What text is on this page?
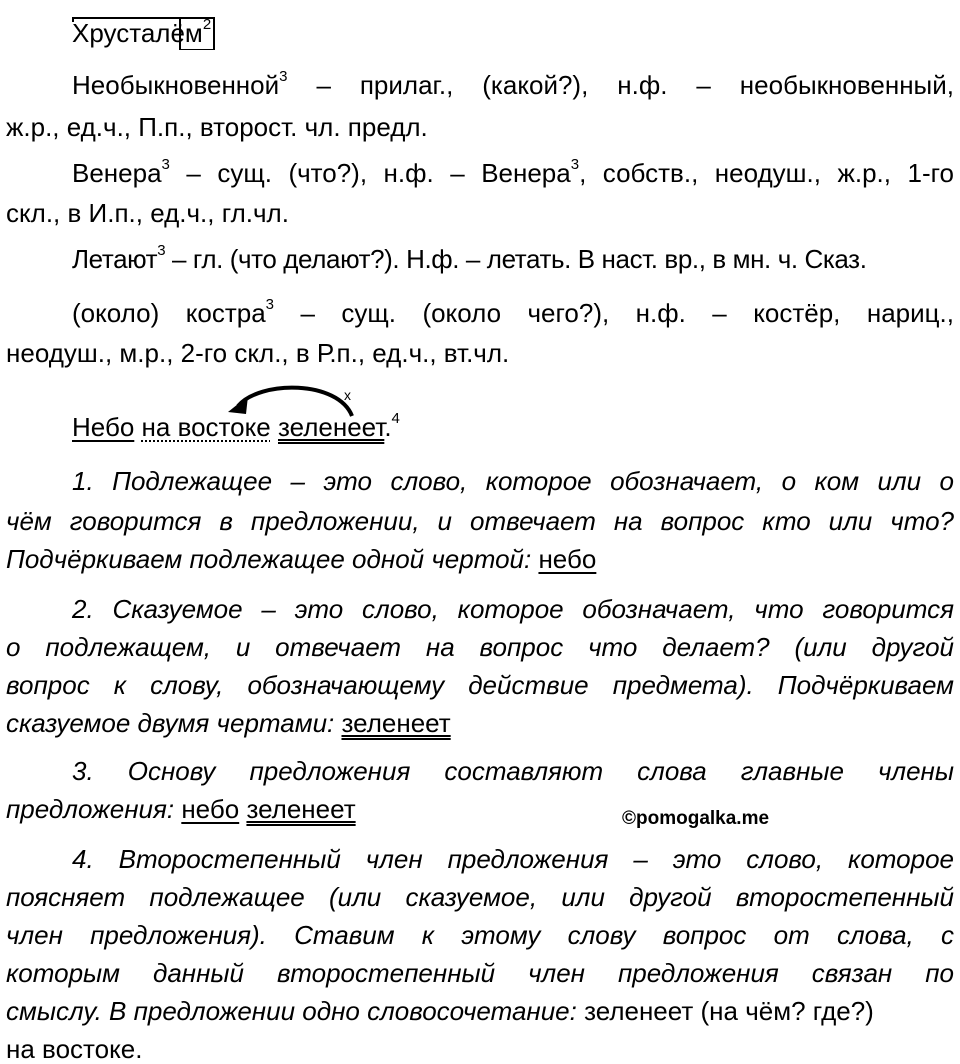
Хрусталём$^2$
Необыкновенной$^3$ – прилаг., (какой?), н.ф. – необыкновенный,
ж.р., ед.ч., П.п., второст. чл. предл.
Венера$^3$ – сущ. (что?), н.ф. – Венера$^3$, собств., неодуш., ж.р., 1-го
скл., в И.п., ед.ч., гл.чл.
Летают$^3$ – гл. (что делают?). Н.ф. – летать. В наст. вр., в мн. ч. Сказ.
(около) костра$^3$ – сущ. (около чего?), н.ф. – костёр, нариц.,
неодуш., м.р., 2-го скл., в Р.п., ед.ч., вт.чл.
x
Небо на востоке зеленеет.$^4$
1. Подлежащее – это слово, которое обозначает, о ком или о
чём говорится в предложении, и отвечает на вопрос кто или что?
Подчёркиваем подлежащее одной чертой: небо
2. Сказуемое – это слово, которое обозначает, что говорится
о подлежащем, и отвечает на вопрос что делает? (или другой
вопрос к слову, обозначающему действие предмета). Подчёркиваем
сказуемое двумя чертами: зеленеет
3. Основу предложения составляют слова главные члены
предложения: небо зеленеет	©pomogalka.me
4. Второстепенный член предложения – это слово, которое
поясняет подлежащее (или сказуемое, или другой второстепенный
член предложения). Ставим к этому слову вопрос от слова, с
которым данный второстепенный член предложения связан по
смыслу. В предложении одно словосочетание: зеленеет (на чём? где?)
на востоке.
